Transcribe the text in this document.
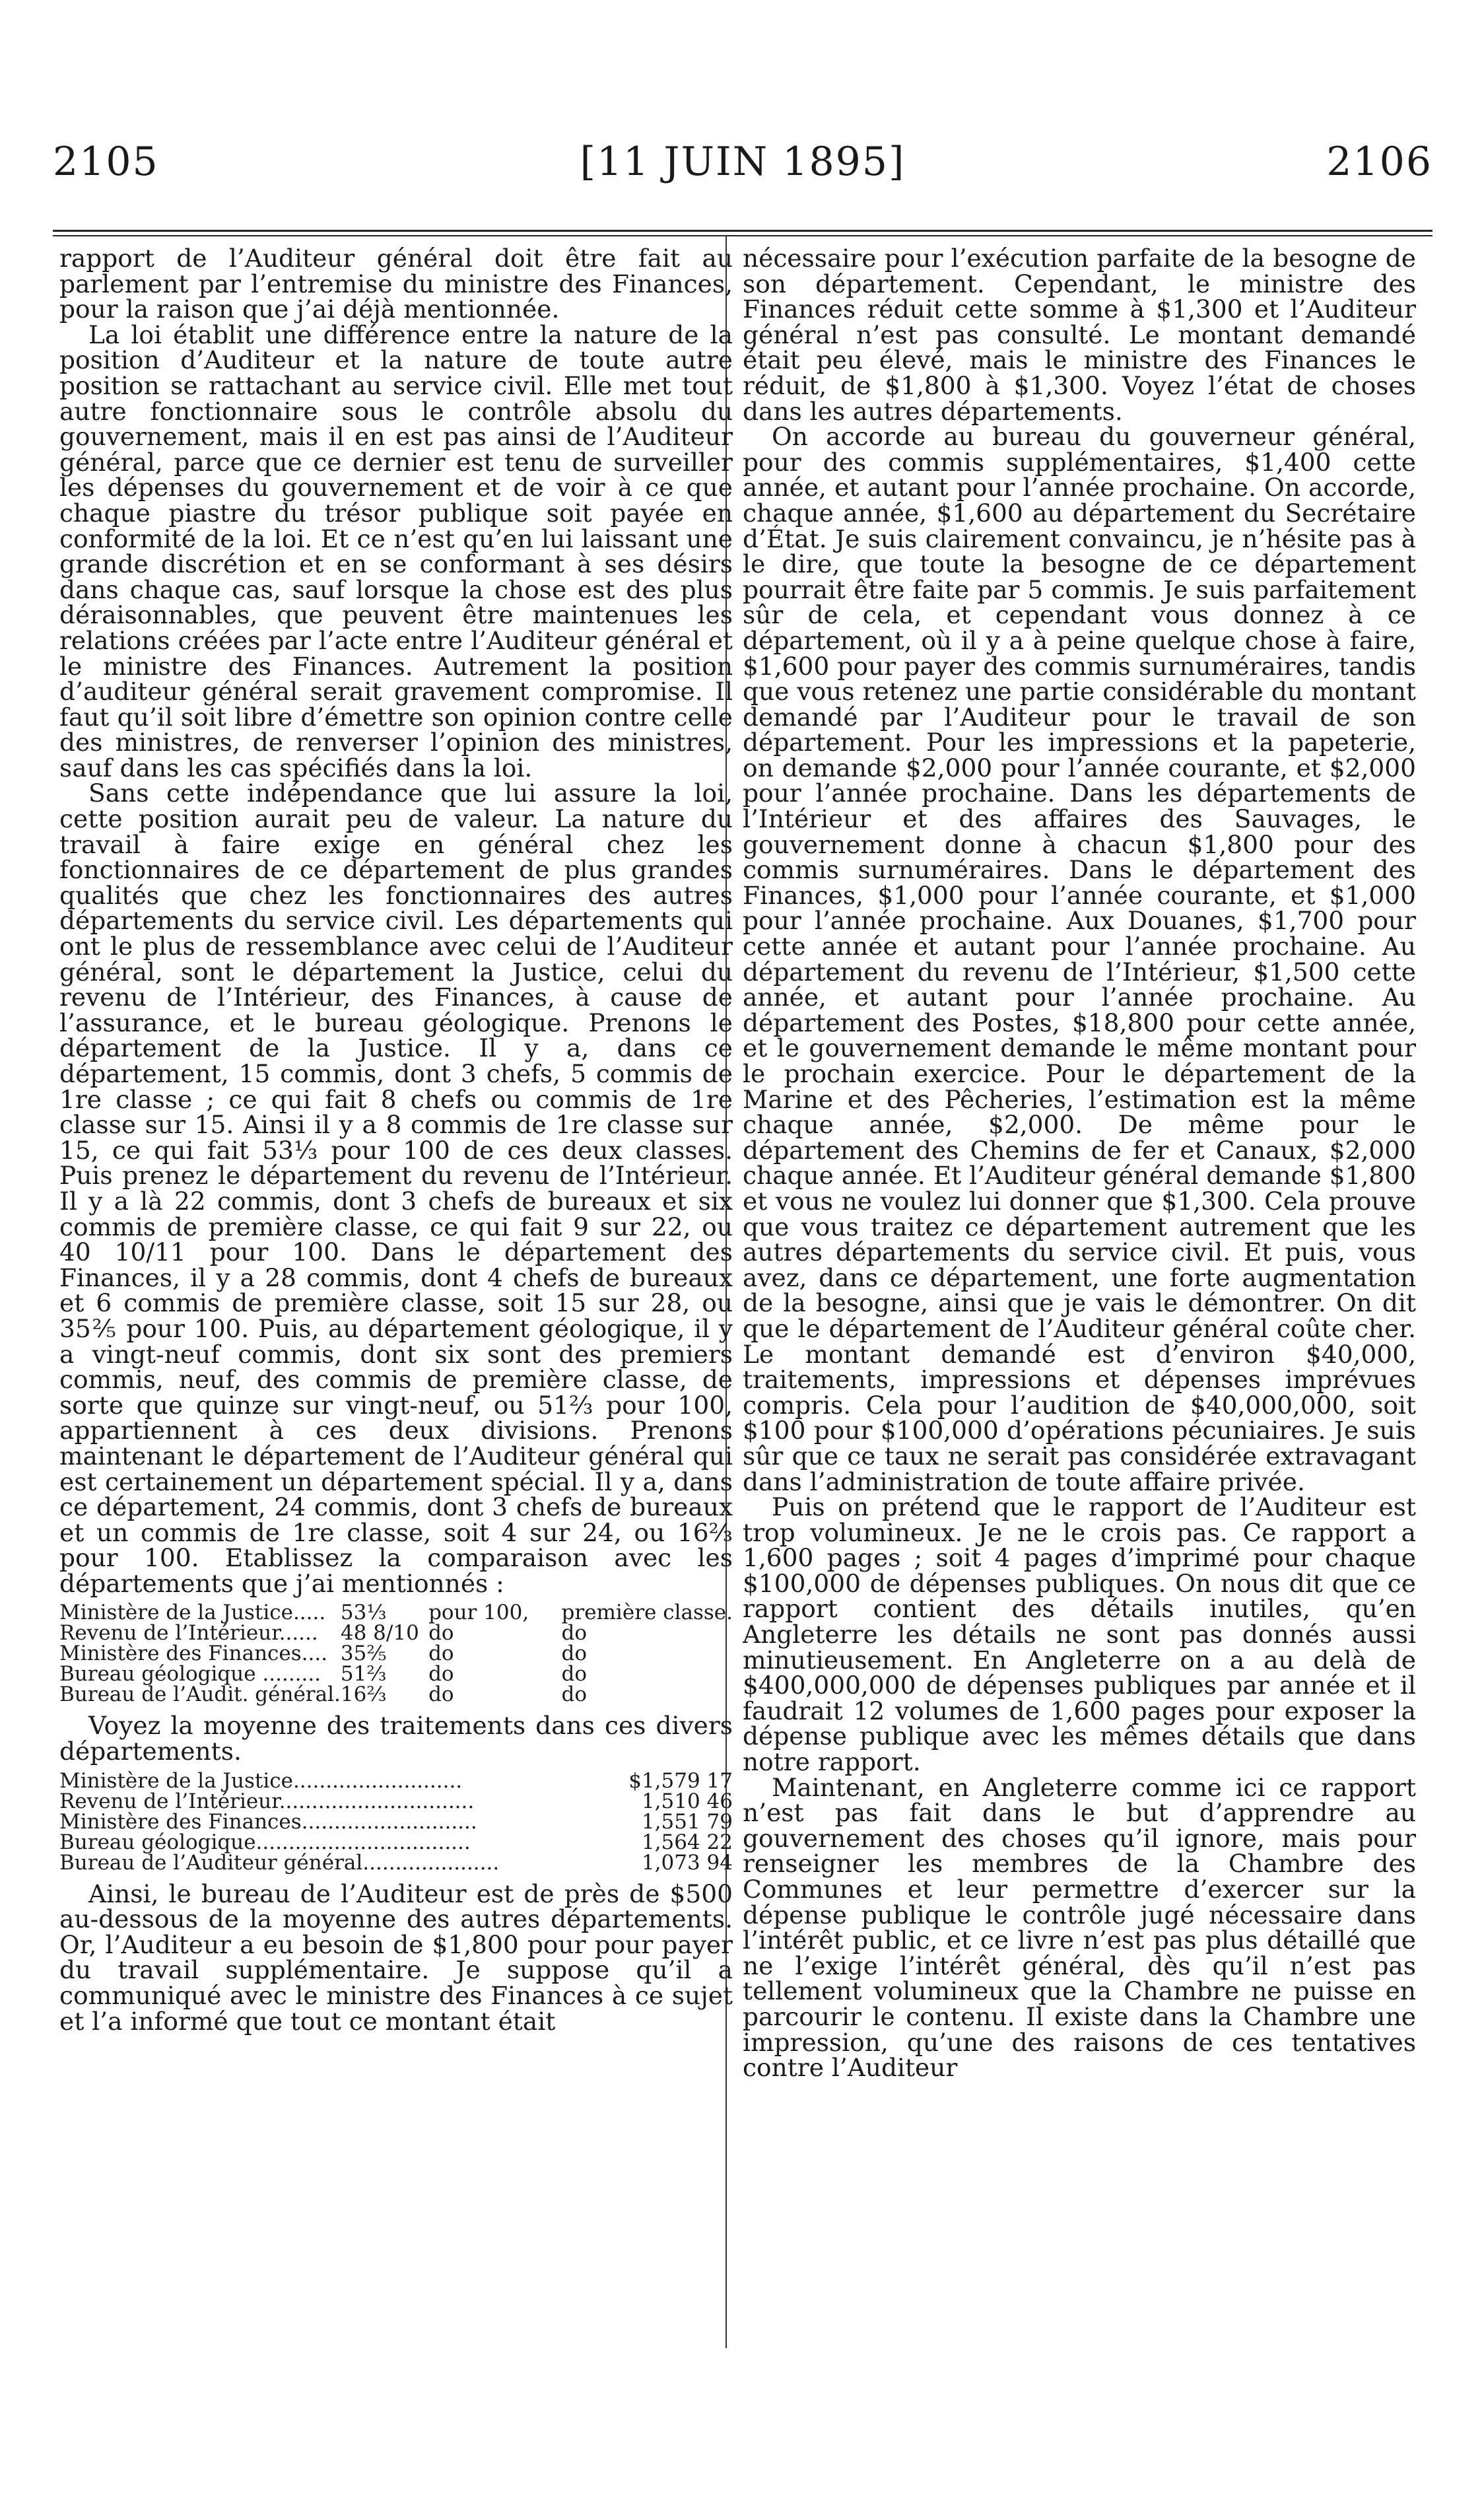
2105	[11 JUIN 1895]	2106

rapport de l’Auditeur général doit être fait au parlement par l’entremise du ministre des Finances, pour la raison que j’ai déjà mentionnée.

La loi établit une différence entre la nature de la position d’Auditeur et la nature de toute autre position se rattachant au service civil. Elle met tout autre fonctionnaire sous le contrôle absolu du gouvernement, mais il en est pas ainsi de l’Auditeur général, parce que ce dernier est tenu de surveiller les dépenses du gouvernement et de voir à ce que chaque piastre du trésor publique soit payée en conformité de la loi. Et ce n’est qu’en lui laissant une grande discrétion et en se conformant à ses désirs dans chaque cas, sauf lorsque la chose est des plus déraisonnables, que peuvent être maintenues les relations créées par l’acte entre l’Auditeur général et le ministre des Finances. Autrement la position d’auditeur général serait gravement compromise. Il faut qu’il soit libre d’émettre son opinion contre celle des ministres, de renverser l’opinion des ministres, sauf dans les cas spécifiés dans la loi.

Sans cette indépendance que lui assure la loi, cette position aurait peu de valeur. La nature du travail à faire exige en général chez les fonctionnaires de ce département de plus grandes qualités que chez les fonctionnaires des autres départements du service civil. Les départements qui ont le plus de ressemblance avec celui de l’Auditeur général, sont le département la Justice, celui du revenu de l’Intérieur, des Finances, à cause de l’assurance, et le bureau géologique. Prenons le département de la Justice. Il y a, dans ce département, 15 commis, dont 3 chefs, 5 commis de 1re classe ; ce qui fait 8 chefs ou commis de 1re classe sur 15. Ainsi il y a 8 commis de 1re classe sur 15, ce qui fait 53⅓ pour 100 de ces deux classes. Puis prenez le département du revenu de l’Intérieur. Il y a là 22 commis, dont 3 chefs de bureaux et six commis de première classe, ce qui fait 9 sur 22, ou 40 10/11 pour 100. Dans le département des Finances, il y a 28 commis, dont 4 chefs de bureaux et 6 commis de première classe, soit 15 sur 28, ou 35⅖ pour 100. Puis, au département géologique, il y a vingt-neuf commis, dont six sont des premiers commis, neuf, des commis de première classe, de sorte que quinze sur vingt-neuf, ou 51⅔ pour 100, appartiennent à ces deux divisions. Prenons maintenant le département de l’Auditeur général qui est certainement un département spécial. Il y a, dans ce département, 24 commis, dont 3 chefs de bureaux et un commis de 1re classe, soit 4 sur 24, ou 16⅔ pour 100. Etablissez la comparaison avec les départements que j’ai mentionnés :

Ministère de la Justice.....	53⅓	pour 100,	première classe.
Revenu de l’Intérieur......	48 8/10	do	do
Ministère des Finances....	35⅖	do	do
Bureau géologique .........	51⅔	do	do
Bureau de l’Audit. général.	16⅔	do	do

Voyez la moyenne des traitements dans ces divers départements.

Ministère de la Justice..........................	$1,579 17
Revenu de l’Intérieur..............................	1,510 46
Ministère des Finances...........................	1,551 79
Bureau géologique.................................	1,564 22
Bureau de l’Auditeur général.....................	1,073 94

Ainsi, le bureau de l’Auditeur est de près de $500 au-dessous de la moyenne des autres départements. Or, l’Auditeur a eu besoin de $1,800 pour pour payer du travail supplémentaire. Je suppose qu’il a communiqué avec le ministre des Finances à ce sujet et l’a informé que tout ce montant était

nécessaire pour l’exécution parfaite de la besogne de son département. Cependant, le ministre des Finances réduit cette somme à $1,300 et l’Auditeur général n’est pas consulté. Le montant demandé était peu élevé, mais le ministre des Finances le réduit, de $1,800 à $1,300. Voyez l’état de choses dans les autres départements.

On accorde au bureau du gouverneur général, pour des commis supplémentaires, $1,400 cette année, et autant pour l’année prochaine. On accorde, chaque année, $1,600 au département du Secrétaire d’État. Je suis clairement convaincu, je n’hésite pas à le dire, que toute la besogne de ce département pourrait être faite par 5 commis. Je suis parfaitement sûr de cela, et cependant vous donnez à ce département, où il y a à peine quelque chose à faire, $1,600 pour payer des commis surnuméraires, tandis que vous retenez une partie considérable du montant demandé par l’Auditeur pour le travail de son département. Pour les impressions et la papeterie, on demande $2,000 pour l’année courante, et $2,000 pour l’année prochaine. Dans les départements de l’Intérieur et des affaires des Sauvages, le gouvernement donne à chacun $1,800 pour des commis surnuméraires. Dans le département des Finances, $1,000 pour l’année courante, et $1,000 pour l’année prochaine. Aux Douanes, $1,700 pour cette année et autant pour l’année prochaine. Au département du revenu de l’Intérieur, $1,500 cette année, et autant pour l’année prochaine. Au département des Postes, $18,800 pour cette année, et le gouvernement demande le même montant pour le prochain exercice. Pour le département de la Marine et des Pêcheries, l’estimation est la même chaque année, $2,000. De même pour le département des Chemins de fer et Canaux, $2,000 chaque année. Et l’Auditeur général demande $1,800 et vous ne voulez lui donner que $1,300. Cela prouve que vous traitez ce département autrement que les autres départements du service civil. Et puis, vous avez, dans ce département, une forte augmentation de la besogne, ainsi que je vais le démontrer. On dit que le département de l’Auditeur général coûte cher. Le montant demandé est d’environ $40,000, traitements, impressions et dépenses imprévues compris. Cela pour l’audition de $40,000,000, soit $100 pour $100,000 d’opérations pécuniaires. Je suis sûr que ce taux ne serait pas considérée extravagant dans l’administration de toute affaire privée.

Puis on prétend que le rapport de l’Auditeur est trop volumineux. Je ne le crois pas. Ce rapport a 1,600 pages ; soit 4 pages d’imprimé pour chaque $100,000 de dépenses publiques. On nous dit que ce rapport contient des détails inutiles, qu’en Angleterre les détails ne sont pas donnés aussi minutieusement. En Angleterre on a au delà de $400,000,000 de dépenses publiques par année et il faudrait 12 volumes de 1,600 pages pour exposer la dépense publique avec les mêmes détails que dans notre rapport.

Maintenant, en Angleterre comme ici ce rapport n’est pas fait dans le but d’apprendre au gouvernement des choses qu’il ignore, mais pour renseigner les membres de la Chambre des Communes et leur permettre d’exercer sur la dépense publique le contrôle jugé nécessaire dans l’intérêt public, et ce livre n’est pas plus détaillé que ne l’exige l’intérêt général, dès qu’il n’est pas tellement volumineux que la Chambre ne puisse en parcourir le contenu. Il existe dans la Chambre une impression, qu’une des raisons de ces tentatives contre l’Auditeur
